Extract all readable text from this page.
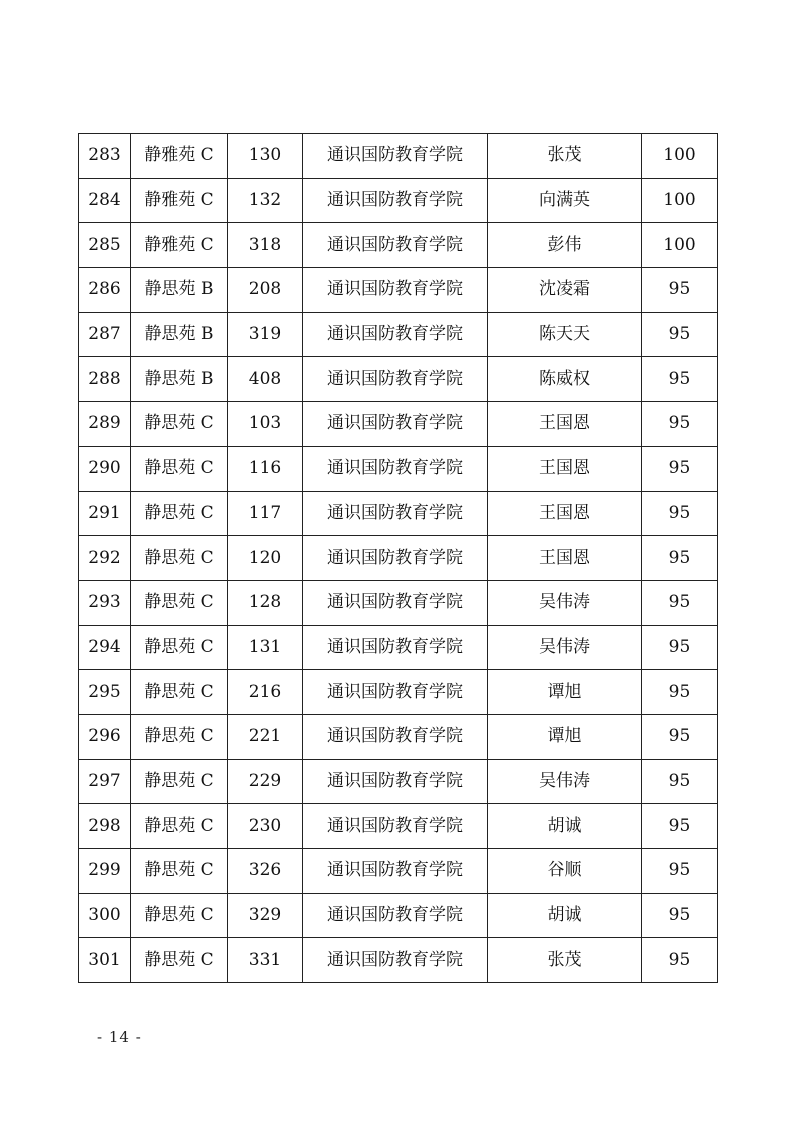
283	静雅苑 C	130	通识国防教育学院	张茂	100
284	静雅苑 C	132	通识国防教育学院	向满英	100
285	静雅苑 C	318	通识国防教育学院	彭伟	100
286	静思苑 B	208	通识国防教育学院	沈凌霜	95
287	静思苑 B	319	通识国防教育学院	陈天天	95
288	静思苑 B	408	通识国防教育学院	陈威权	95
289	静思苑 C	103	通识国防教育学院	王国恩	95
290	静思苑 C	116	通识国防教育学院	王国恩	95
291	静思苑 C	117	通识国防教育学院	王国恩	95
292	静思苑 C	120	通识国防教育学院	王国恩	95
293	静思苑 C	128	通识国防教育学院	吴伟涛	95
294	静思苑 C	131	通识国防教育学院	吴伟涛	95
295	静思苑 C	216	通识国防教育学院	谭旭	95
296	静思苑 C	221	通识国防教育学院	谭旭	95
297	静思苑 C	229	通识国防教育学院	吴伟涛	95
298	静思苑 C	230	通识国防教育学院	胡诚	95
299	静思苑 C	326	通识国防教育学院	谷顺	95
300	静思苑 C	329	通识国防教育学院	胡诚	95
301	静思苑 C	331	通识国防教育学院	张茂	95
- 14 -
